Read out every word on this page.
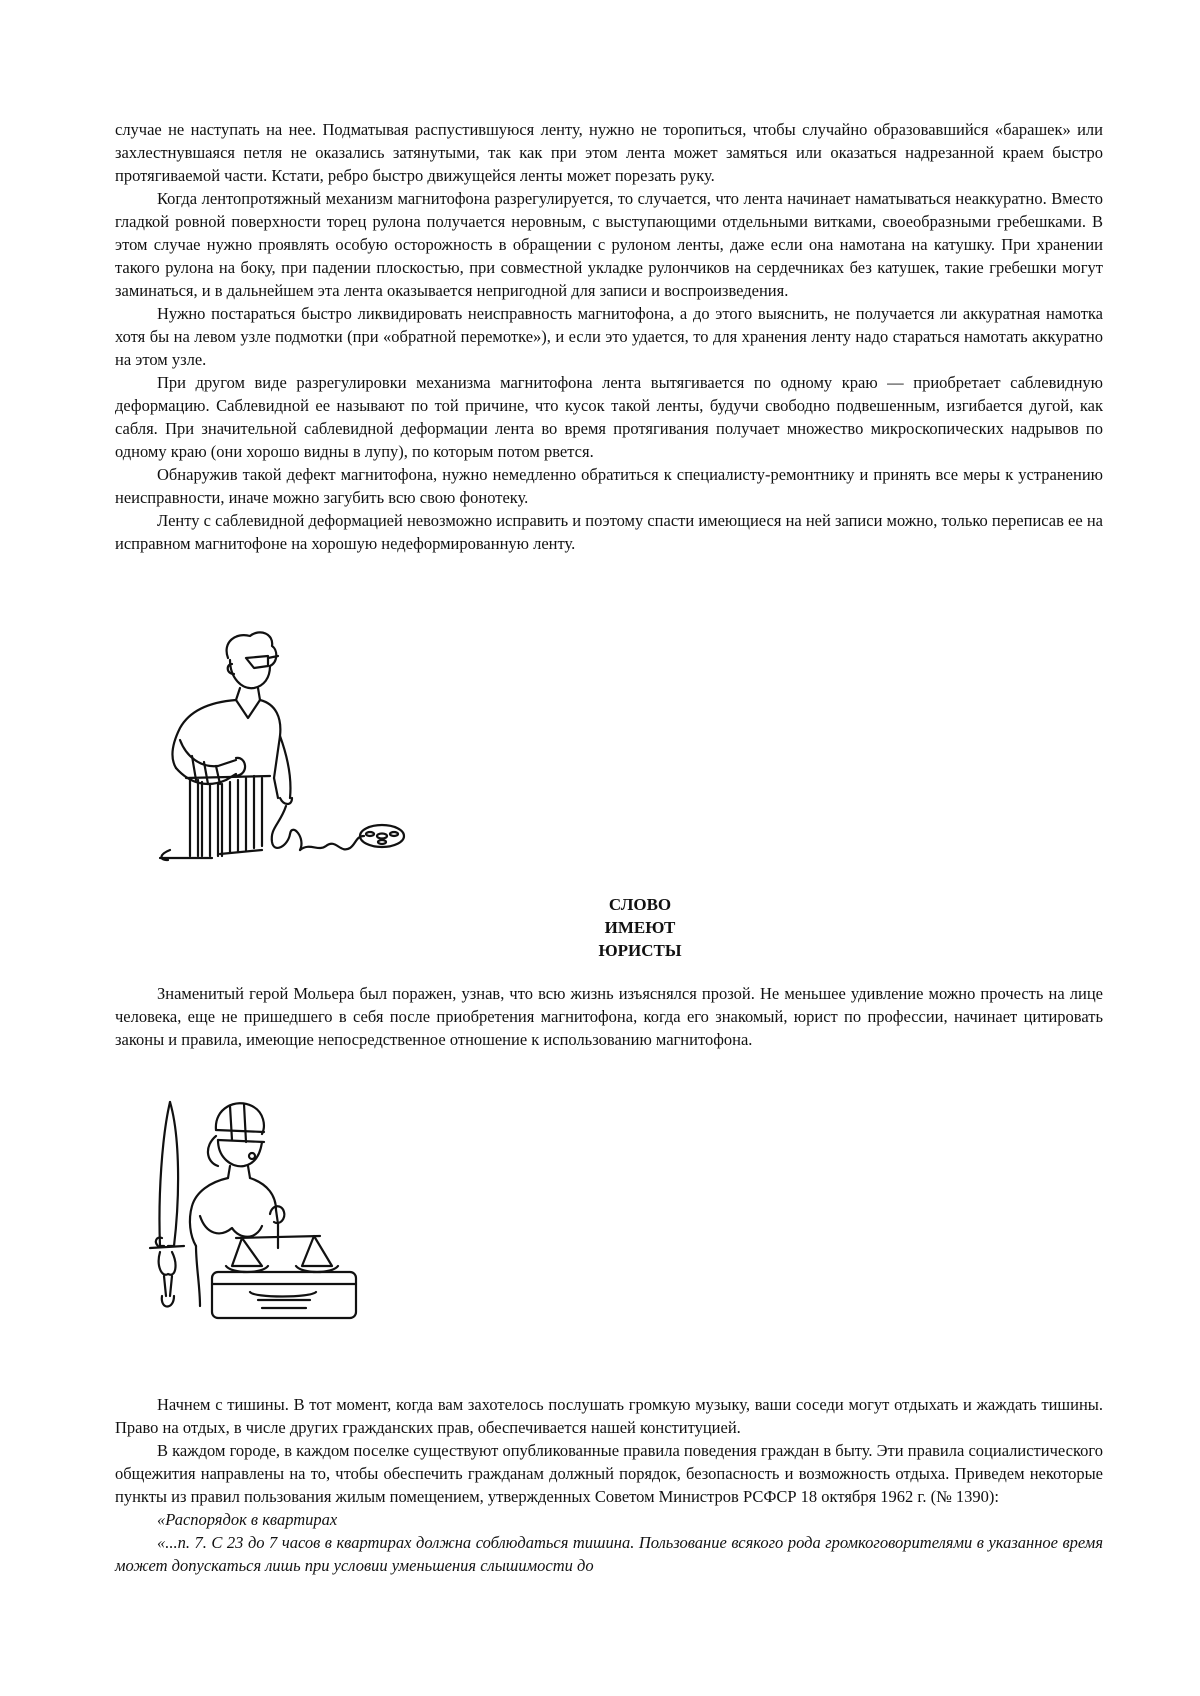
случае не наступать на нее. Подматывая распустившуюся ленту, нужно не торопиться, чтобы случайно образовавшийся «барашек» или захлестнувшаяся петля не оказались затянутыми, так как при этом лента может замяться или оказаться надрезанной краем быстро протягиваемой части. Кстати, ребро быстро движущейся ленты может порезать руку.

Когда лентопротяжный механизм магнитофона разрегулируется, то случается, что лента начинает наматываться неаккуратно. Вместо гладкой ровной поверхности торец рулона получается неровным, с выступающими отдельными витками, своеобразными гребешками. В этом случае нужно проявлять особую осторожность в обращении с рулоном ленты, даже если она намотана на катушку. При хранении такого рулона на боку, при падении плоскостью, при совместной укладке рулончиков на сердечниках без катушек, такие гребешки могут заминаться, и в дальнейшем эта лента оказывается непригодной для записи и воспроизведения.

Нужно постараться быстро ликвидировать неисправность магнитофона, а до этого выяснить, не получается ли аккуратная намотка хотя бы на левом узле подмотки (при «обратной перемотке»), и если это удается, то для хранения ленту надо стараться намотать аккуратно на этом узле.

При другом виде разрегулировки механизма магнитофона лента вытягивается по одному краю — приобретает саблевидную деформацию. Саблевидной ее называют по той причине, что кусок такой ленты, будучи свободно подвешенным, изгибается дугой, как сабля. При значительной саблевидной деформации лента во время протягивания получает множество микроскопических надрывов по одному краю (они хорошо видны в лупу), по которым потом рвется.

Обнаружив такой дефект магнитофона, нужно немедленно обратиться к специалисту-ремонтнику и принять все меры к устранению неисправности, иначе можно загубить всю свою фонотеку.

Ленту с саблевидной деформацией невозможно исправить и поэтому спасти имеющиеся на ней записи можно, только переписав ее на исправном магнитофоне на хорошую недеформированную ленту.

СЛОВО
ИМЕЮТ
ЮРИСТЫ

Знаменитый герой Мольера был поражен, узнав, что всю жизнь изъяснялся прозой. Не меньшее удивление можно прочесть на лице человека, еще не пришедшего в себя после приобретения магнитофона, когда его знакомый, юрист по профессии, начинает цитировать законы и правила, имеющие непосредственное отношение к использованию магнитофона.

Начнем с тишины. В тот момент, когда вам захотелось послушать громкую музыку, ваши соседи могут отдыхать и жаждать тишины. Право на отдых, в числе других гражданских прав, обеспечивается нашей конституцией.

В каждом городе, в каждом поселке существуют опубликованные правила поведения граждан в быту. Эти правила социалистического общежития направлены на то, чтобы обеспечить гражданам должный порядок, безопасность и возможность отдыха. Приведем некоторые пункты из правил пользования жилым помещением, утвержденных Советом Министров РСФСР 18 октября 1962 г. (№ 1390):

«Распорядок в квартирах

«...п. 7. С 23 до 7 часов в квартирах должна соблюдаться тишина. Пользование всякого рода громкоговорителями в указанное время может допускаться лишь при условии уменьшения слышимости до
